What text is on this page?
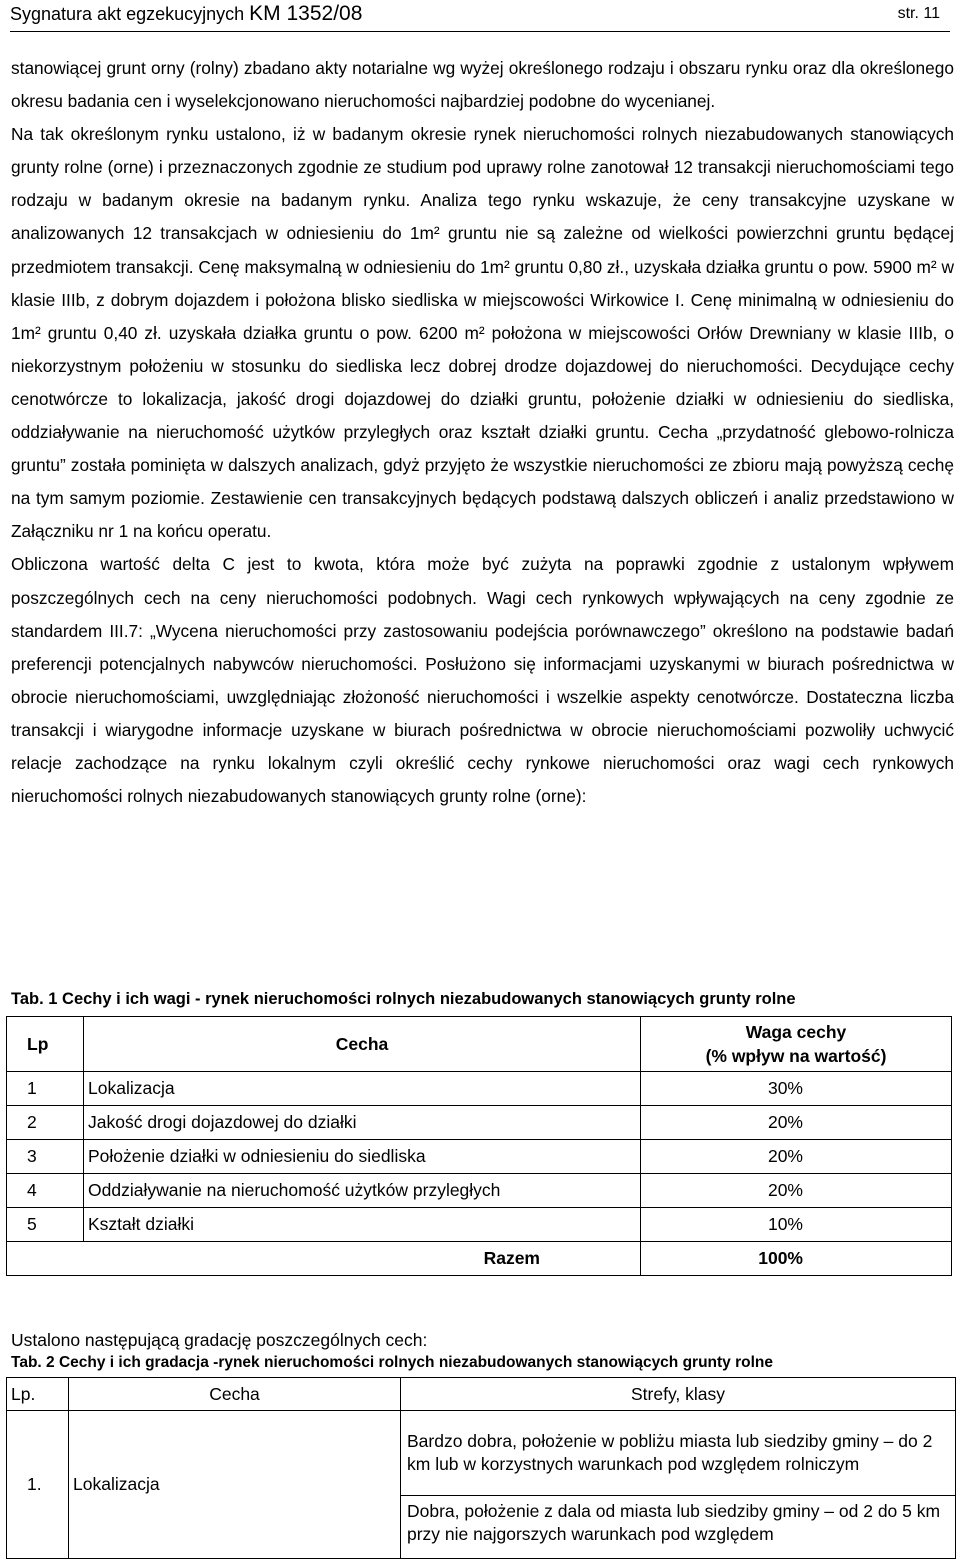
Sygnatura akt egzekucyjnych KM 1352/08	str. 11

stanowiącej grunt orny (rolny) zbadano akty notarialne wg wyżej określonego rodzaju i obszaru rynku oraz dla określonego okresu badania cen i wyselekcjonowano nieruchomości najbardziej podobne do wycenianej.

Na tak określonym rynku ustalono, iż w badanym okresie rynek nieruchomości rolnych niezabudowanych stanowiących grunty rolne (orne) i przeznaczonych zgodnie ze studium pod uprawy rolne zanotował 12 transakcji nieruchomościami tego rodzaju w badanym okresie na badanym rynku. Analiza tego rynku wskazuje, że ceny transakcyjne uzyskane w analizowanych 12 transakcjach w odniesieniu do 1m² gruntu nie są zależne od wielkości powierzchni gruntu będącej przedmiotem transakcji. Cenę maksymalną w odniesieniu do 1m² gruntu 0,80 zł., uzyskała działka gruntu o pow. 5900 m² w klasie IIIb, z dobrym dojazdem i położona blisko siedliska w miejscowości Wirkowice I. Cenę minimalną w odniesieniu do 1m² gruntu 0,40 zł. uzyskała działka gruntu o pow. 6200 m² położona w miejscowości Orłów Drewniany w klasie IIIb, o niekorzystnym położeniu w stosunku do siedliska lecz dobrej drodze dojazdowej do nieruchomości. Decydujące cechy cenotwórcze to lokalizacja, jakość drogi dojazdowej do działki gruntu, położenie działki w odniesieniu do siedliska, oddziaływanie na nieruchomość użytków przyległych oraz kształt działki gruntu. Cecha „przydatność glebowo-rolnicza gruntu” została pominięta w dalszych analizach, gdyż przyjęto że wszystkie nieruchomości ze zbioru mają powyższą cechę na tym samym poziomie. Zestawienie cen transakcyjnych będących podstawą dalszych obliczeń i analiz przedstawiono w Załączniku nr 1 na końcu operatu.

Obliczona wartość delta C jest to kwota, która może być zużyta na poprawki zgodnie z ustalonym wpływem poszczególnych cech na ceny nieruchomości podobnych. Wagi cech rynkowych wpływających na ceny zgodnie ze standardem III.7: „Wycena nieruchomości przy zastosowaniu podejścia porównawczego” określono na podstawie badań preferencji potencjalnych nabywców nieruchomości. Posłużono się informacjami uzyskanymi w biurach pośrednictwa w obrocie nieruchomościami, uwzględniając złożoność nieruchomości i wszelkie aspekty cenotwórcze. Dostateczna liczba transakcji i wiarygodne informacje uzyskane w biurach pośrednictwa w obrocie nieruchomościami pozwoliły uchwycić relacje zachodzące na rynku lokalnym czyli określić cechy rynkowe nieruchomości oraz wagi cech rynkowych nieruchomości rolnych niezabudowanych stanowiących grunty rolne (orne):

Tab. 1 Cechy i ich wagi - rynek nieruchomości rolnych niezabudowanych stanowiących grunty rolne
Lp	Cecha	Waga cechy
(% wpływ na wartość)

1	Lokalizacja	30%
2	Jakość drogi dojazdowej do działki	20%
3	Położenie działki w odniesieniu do siedliska	20%
4	Oddziaływanie na nieruchomość użytków przyległych	20%
5	Kształt działki	10%
Razem		100%
Ustalono następującą gradację poszczególnych cech:
Tab. 2 Cechy i ich gradacja -rynek nieruchomości rolnych niezabudowanych stanowiących grunty rolne
Lp.	Cecha	Strefy, klasy
1.	Lokalizacja	Bardzo dobra, położenie w pobliżu miasta lub siedziby gminy – do 2 km lub w korzystnych warunkach pod względem rolniczym
		Dobra, położenie z dala od miasta lub siedziby gminy – od 2 do 5 km przy nie najgorszych warunkach pod względem
